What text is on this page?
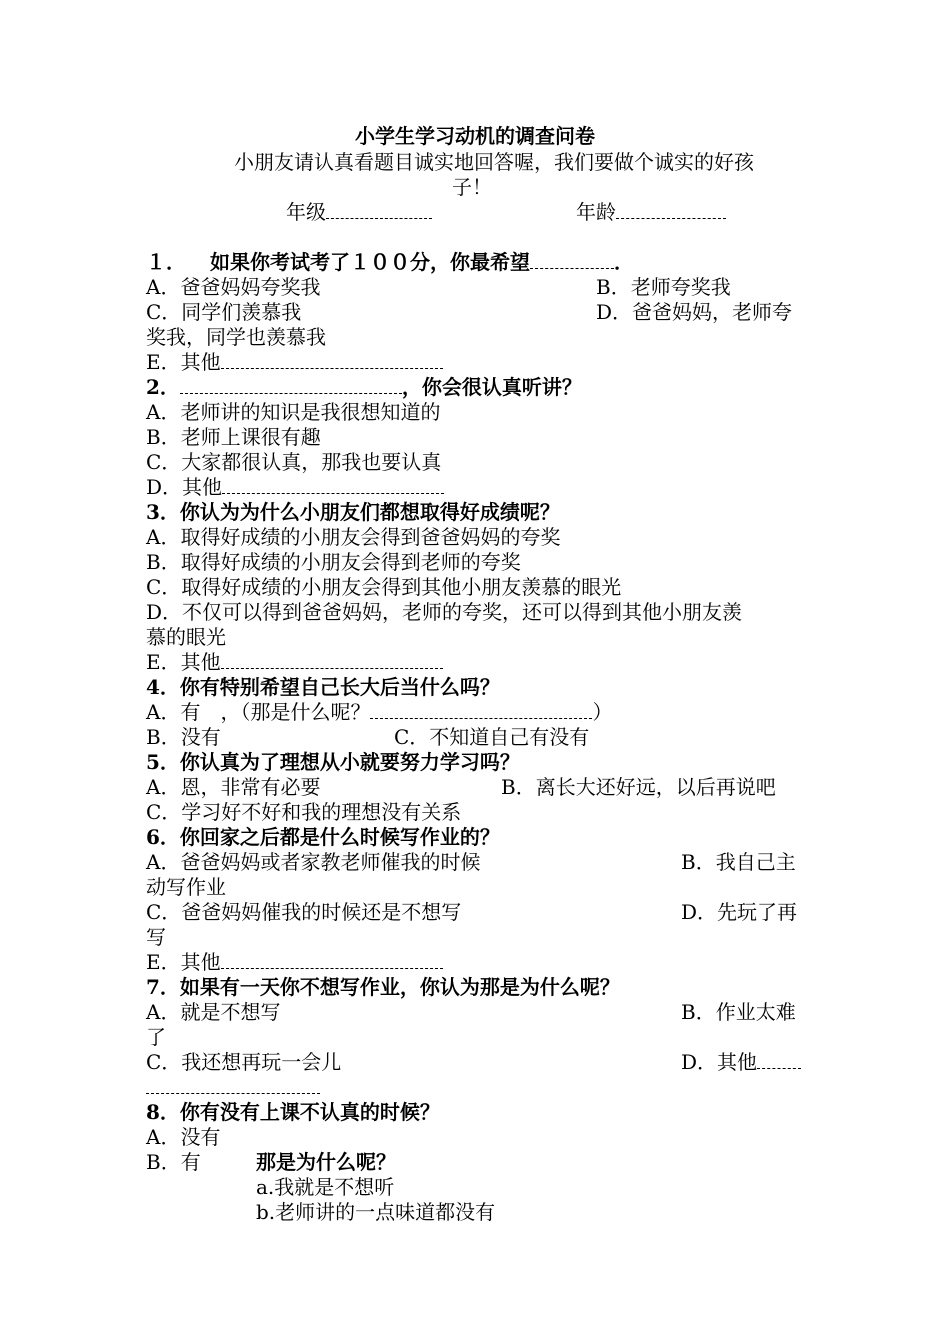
小学生学习动机的调查问卷
小朋友请认真看题目诚实地回答喔，我们要做个诚实的好孩
子！
年级	年龄
１． 如果你考试考了１００分，你最希望	．
A．爸爸妈妈夸奖我	B．老师夸奖我
C．同学们羡慕我	D．爸爸妈妈，老师夸
奖我，同学也羡慕我
E．其他
2．	，你会很认真听讲？
A．老师讲的知识是我很想知道的
B．老师上课很有趣
C．大家都很认真，那我也要认真
D．其他
3．你认为为什么小朋友们都想取得好成绩呢？
A．取得好成绩的小朋友会得到爸爸妈妈的夸奖
B．取得好成绩的小朋友会得到老师的夸奖
C．取得好成绩的小朋友会得到其他小朋友羡慕的眼光
D．不仅可以得到爸爸妈妈，老师的夸奖，还可以得到其他小朋友羡
慕的眼光
E．其他
4．你有特别希望自己长大后当什么吗？
A．有　，（那是什么呢？	）
B．没有	C．不知道自己有没有
5．你认真为了理想从小就要努力学习吗？
A．恩，非常有必要	B．离长大还好远，以后再说吧
C．学习好不好和我的理想没有关系
6．你回家之后都是什么时候写作业的？
A．爸爸妈妈或者家教老师催我的时候	B．我自己主
动写作业
C．爸爸妈妈催我的时候还是不想写	D．先玩了再
写
E．其他
7．如果有一天你不想写作业，你认为那是为什么呢？
A．就是不想写	B．作业太难
了
C．我还想再玩一会儿	D．其他
8．你有没有上课不认真的时候？
A．没有
B．有	那是为什么呢？
a.我就是不想听
b.老师讲的一点味道都没有
